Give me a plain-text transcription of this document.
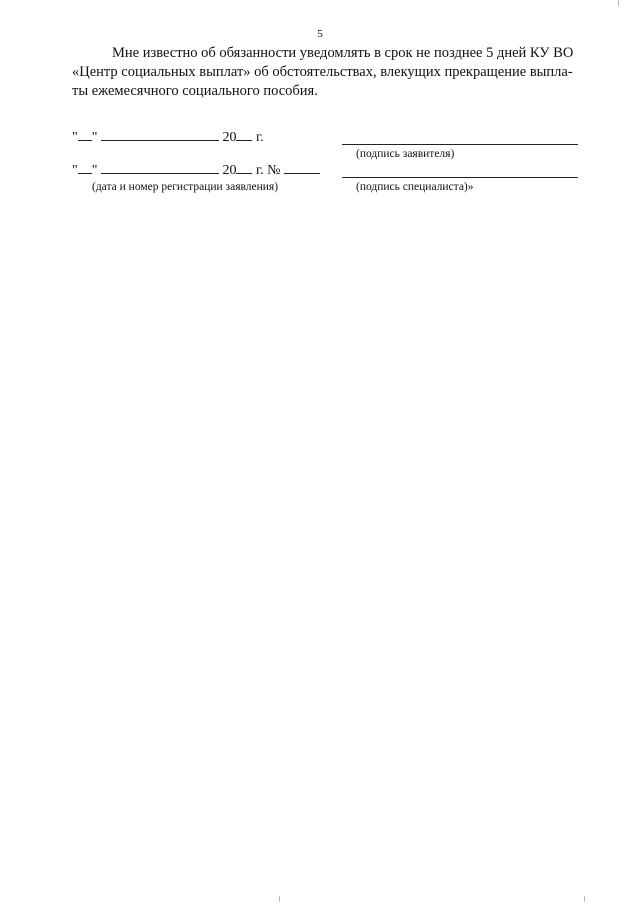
5
Мне известно об обязанности уведомлять в срок не позднее 5 дней КУ ВО
«Центр социальных выплат» об обстоятельствах, влекущих прекращение выпла-
ты ежемесячного социального пособия.
" "	20 г.
(подпись заявителя)
" "	20 г. №
(дата и номер регистрации заявления)	(подпись специалиста)»
